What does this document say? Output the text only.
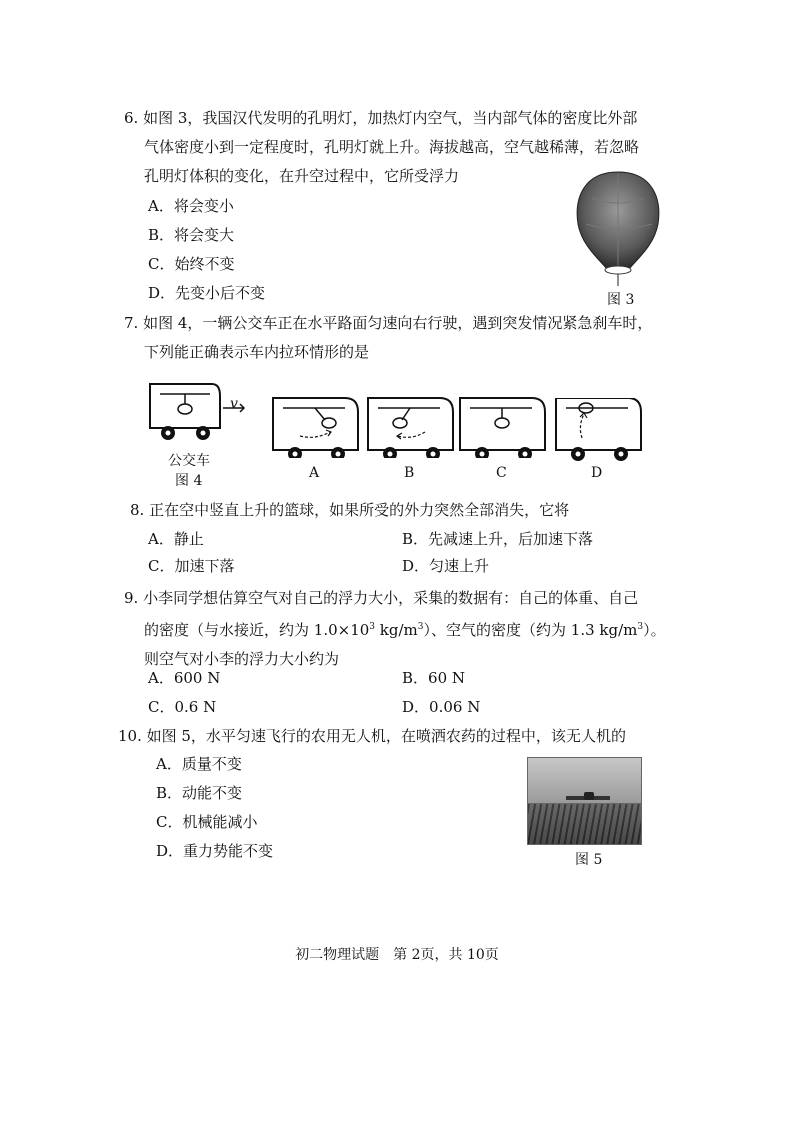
6. 如图 3，我国汉代发明的孔明灯，加热灯内空气，当内部气体的密度比外部
气体密度小到一定程度时，孔明灯就上升。海拔越高，空气越稀薄，若忽略
孔明灯体积的变化，在升空过程中，它所受浮力
A．将会变小
B．将会变大
C．始终不变
D．先变小后不变	图 3
7. 如图 4，一辆公交车正在水平路面匀速向右行驶，遇到突发情况紧急刹车时，
下列能正确表示车内拉环情形的是
v
公交车
图 4	A	B	C	D
8. 正在空中竖直上升的篮球，如果所受的外力突然全部消失，它将
A．静止	B．先减速上升，后加速下落
C．加速下落	D．匀速上升
9. 小李同学想估算空气对自己的浮力大小，采集的数据有：自己的体重、自己
的密度（与水接近，约为 $1.0\times 10^3$ $kg/m^3$）、空气的密度（约为 1.3 $kg/m^3$）。
则空气对小李的浮力大小约为
A．600 N	B．60 N
C．0.6 N	D．0.06 N
10. 如图 5，水平匀速飞行的农用无人机，在喷洒农药的过程中，该无人机的
A．质量不变
B．动能不变
C．机械能减小
D．重力势能不变	图 5
初二物理试题　第 2页，共 10页
